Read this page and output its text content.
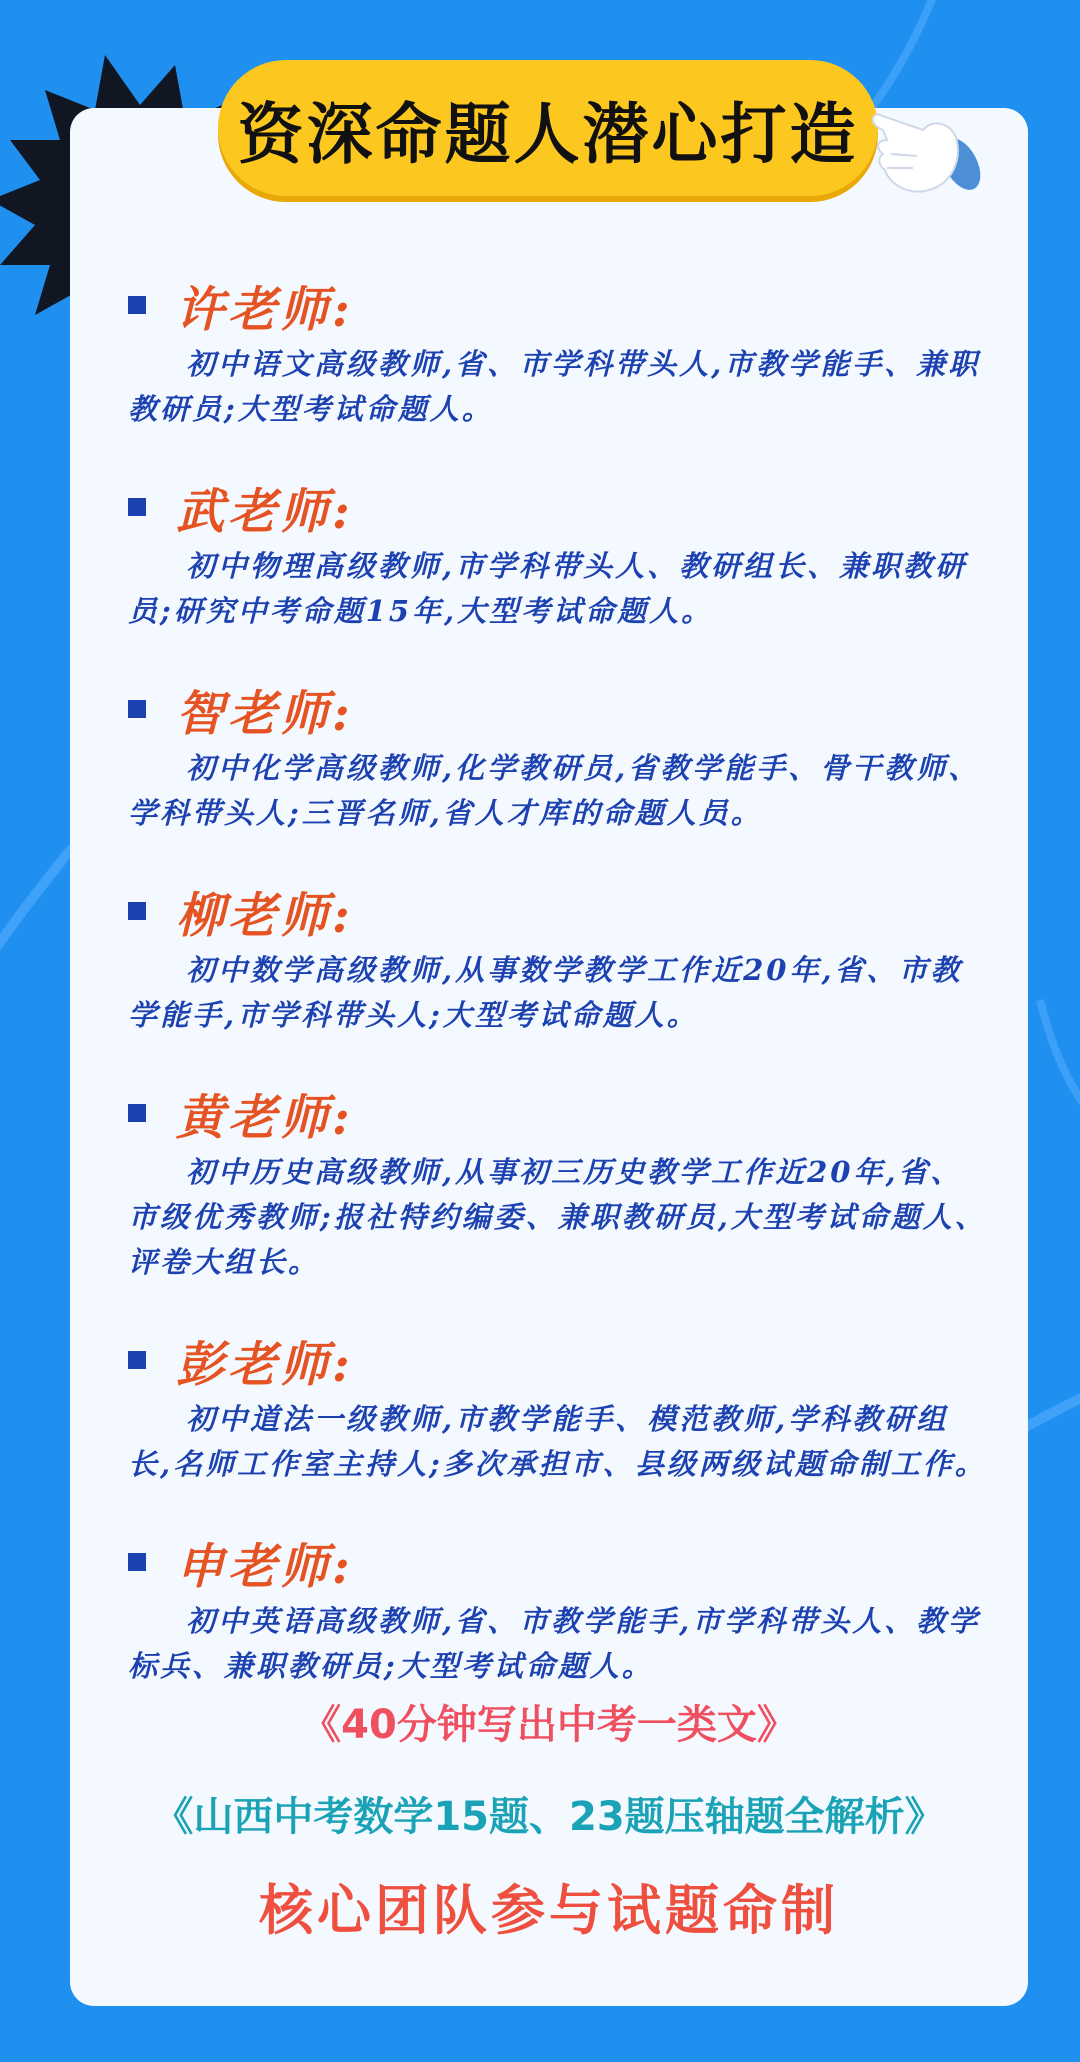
资深命题人潜心打造
许老师:
初中语文高级教师,省、市学科带头人,市教学能手、兼职教研员;大型考试命题人。
武老师:
初中物理高级教师,市学科带头人、教研组长、兼职教研员;研究中考命题15年,大型考试命题人。
智老师:
初中化学高级教师,化学教研员,省教学能手、骨干教师、学科带头人;三晋名师,省人才库的命题人员。
柳老师:
初中数学高级教师,从事数学教学工作近20年,省、市教学能手,市学科带头人;大型考试命题人。
黄老师:
初中历史高级教师,从事初三历史教学工作近20年,省、市级优秀教师;报社特约编委、兼职教研员,大型考试命题人、评卷大组长。
彭老师:
初中道法一级教师,市教学能手、模范教师,学科教研组长,名师工作室主持人;多次承担市、县级两级试题命制工作。
申老师:
初中英语高级教师,省、市教学能手,市学科带头人、教学标兵、兼职教研员;大型考试命题人。
《40分钟写出中考一类文》
《山西中考数学15题、23题压轴题全解析》
核心团队参与试题命制
